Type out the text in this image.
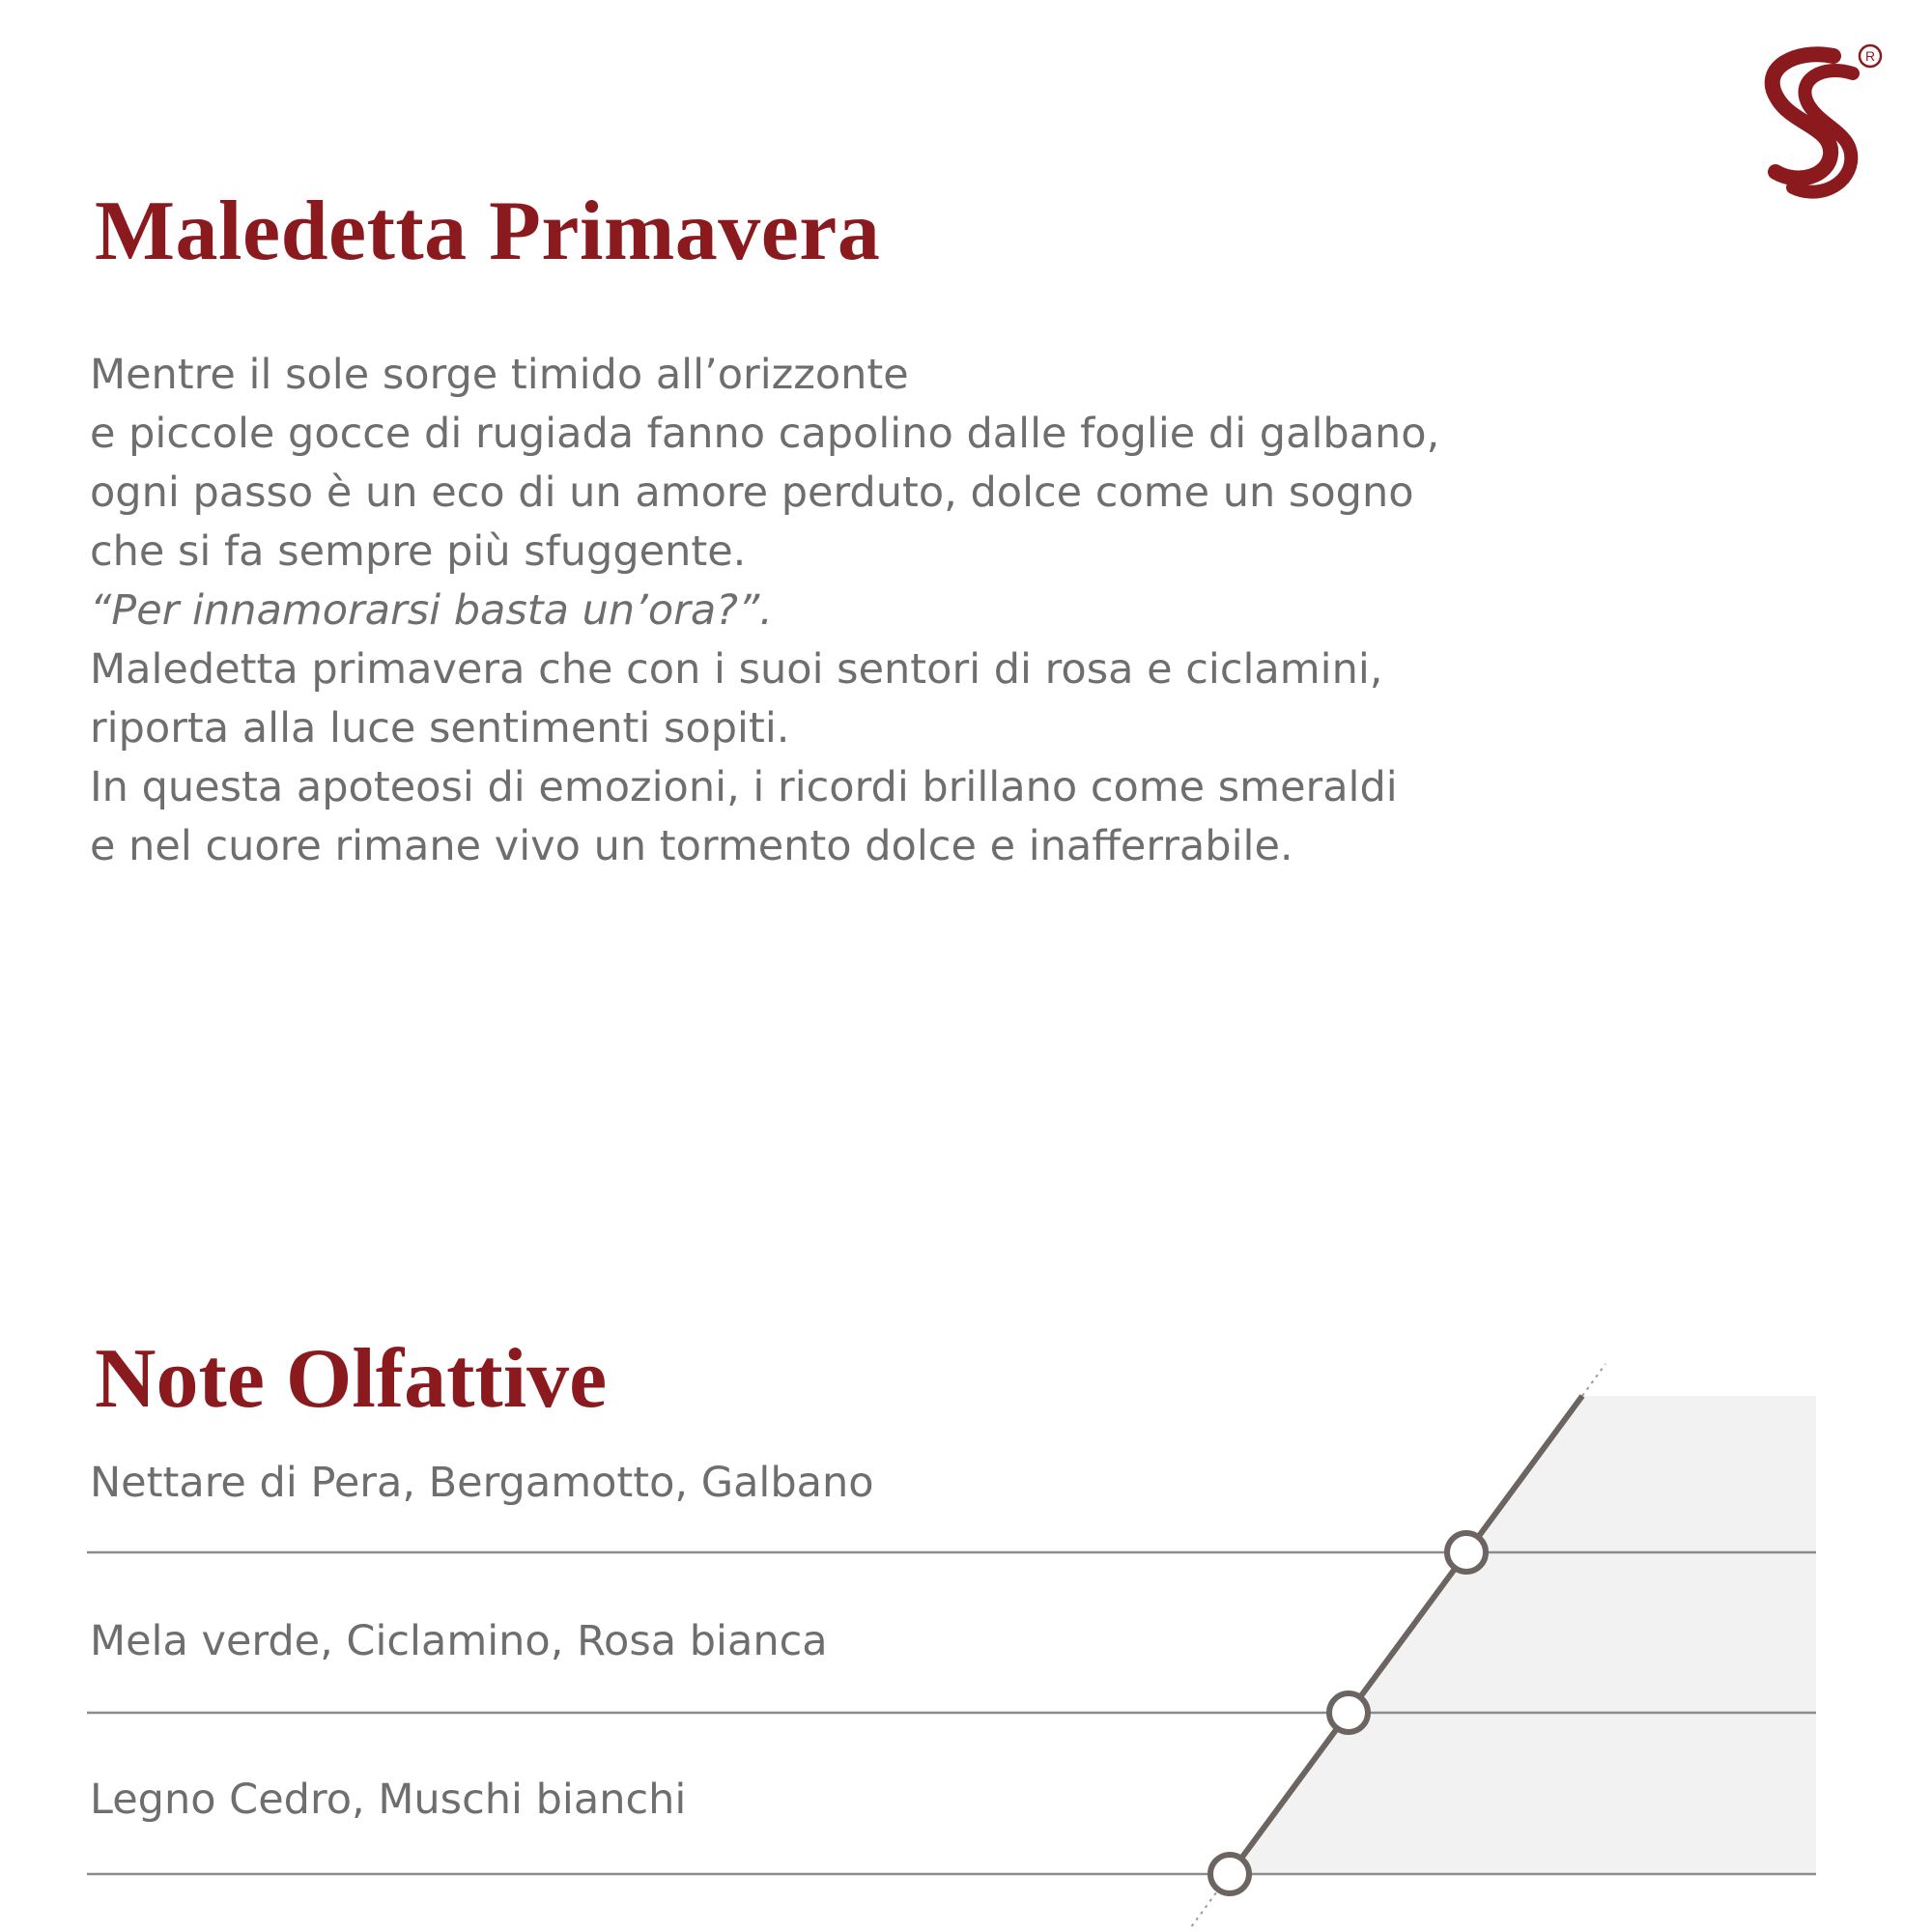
R
Maledetta Primavera
Mentre il sole sorge timido all’orizzonte
e piccole gocce di rugiada fanno capolino dalle foglie di galbano,
ogni passo è un eco di un amore perduto, dolce come un sogno
che si fa sempre più sfuggente.
“Per innamorarsi basta un’ora?”.
Maledetta primavera che con i suoi sentori di rosa e ciclamini,
riporta alla luce sentimenti sopiti.
In questa apoteosi di emozioni, i ricordi brillano come smeraldi
e nel cuore rimane vivo un tormento dolce e inafferrabile.
Note Olfattive
Nettare di Pera, Bergamotto, Galbano
Mela verde, Ciclamino, Rosa bianca
Legno Cedro, Muschi bianchi
